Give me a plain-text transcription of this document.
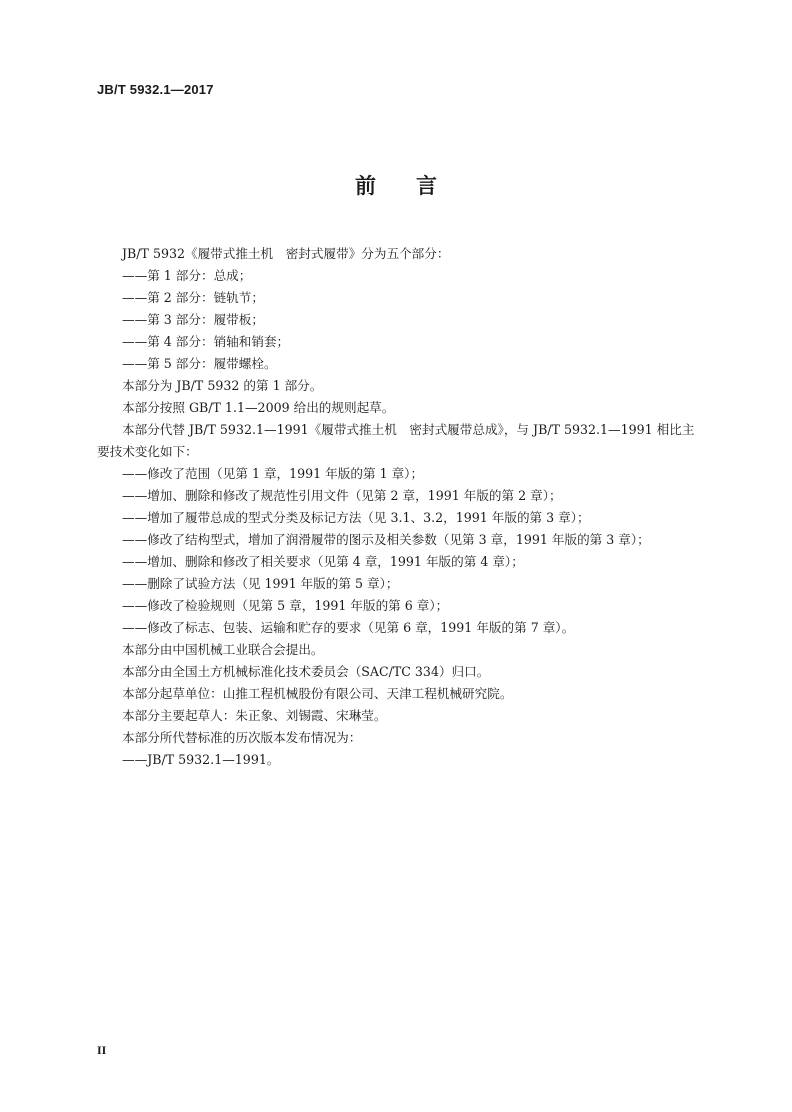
JB/T 5932.1—2017
前言

JB/T 5932《履带式推土机　密封式履带》分为五个部分：

——第 1 部分：总成；

——第 2 部分：链轨节；

——第 3 部分：履带板；

——第 4 部分：销轴和销套；

——第 5 部分：履带螺栓。

本部分为 JB/T 5932 的第 1 部分。

本部分按照 GB/T 1.1—2009 给出的规则起草。

本部分代替 JB/T 5932.1—1991《履带式推土机　密封式履带总成》，与 JB/T 5932.1—1991 相比主

要技术变化如下：

——修改了范围（见第 1 章，1991 年版的第 1 章）；

——增加、删除和修改了规范性引用文件（见第 2 章，1991 年版的第 2 章）；

——增加了履带总成的型式分类及标记方法（见 3.1、3.2，1991 年版的第 3 章）；

——修改了结构型式，增加了润滑履带的图示及相关参数（见第 3 章，1991 年版的第 3 章）；

——增加、删除和修改了相关要求（见第 4 章，1991 年版的第 4 章）；

——删除了试验方法（见 1991 年版的第 5 章）；

——修改了检验规则（见第 5 章，1991 年版的第 6 章）；

——修改了标志、包装、运输和贮存的要求（见第 6 章，1991 年版的第 7 章）。

本部分由中国机械工业联合会提出。

本部分由全国土方机械标准化技术委员会（SAC/TC 334）归口。

本部分起草单位：山推工程机械股份有限公司、天津工程机械研究院。

本部分主要起草人：朱正象、刘锡霞、宋琳莹。

本部分所代替标准的历次版本发布情况为：

——JB/T 5932.1—1991。

II
